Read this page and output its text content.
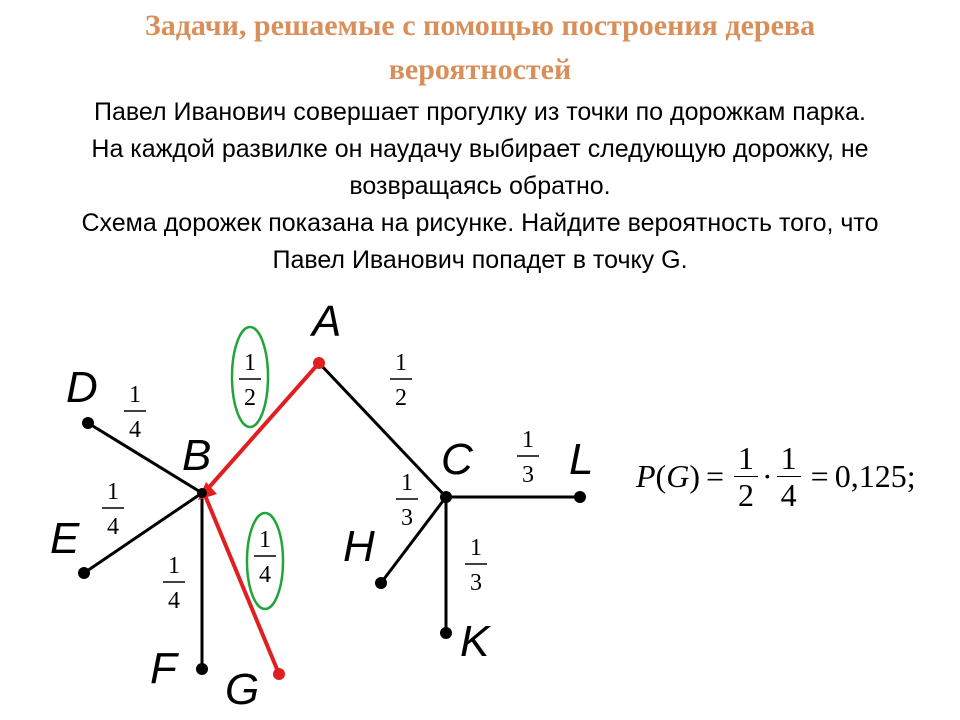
Задачи, решаемые с помощью построения дерева
вероятностей
Павел Иванович совершает прогулку из точки по дорожкам парка.
На каждой развилке он наудачу выбирает следующую дорожку, не
возвращаясь обратно.
Схема дорожек показана на рисунке. Найдите вероятность того, что
Павел Иванович попадет в точку G.
A
B	C
D
E
F G
H
K
L
1
2
1
2
1
4
1
4
1
4
1
4
1
3
1
3
1
3
P ( G ) = $\frac{1}{2} \cdot \frac{1}{4} = 0,125$;
